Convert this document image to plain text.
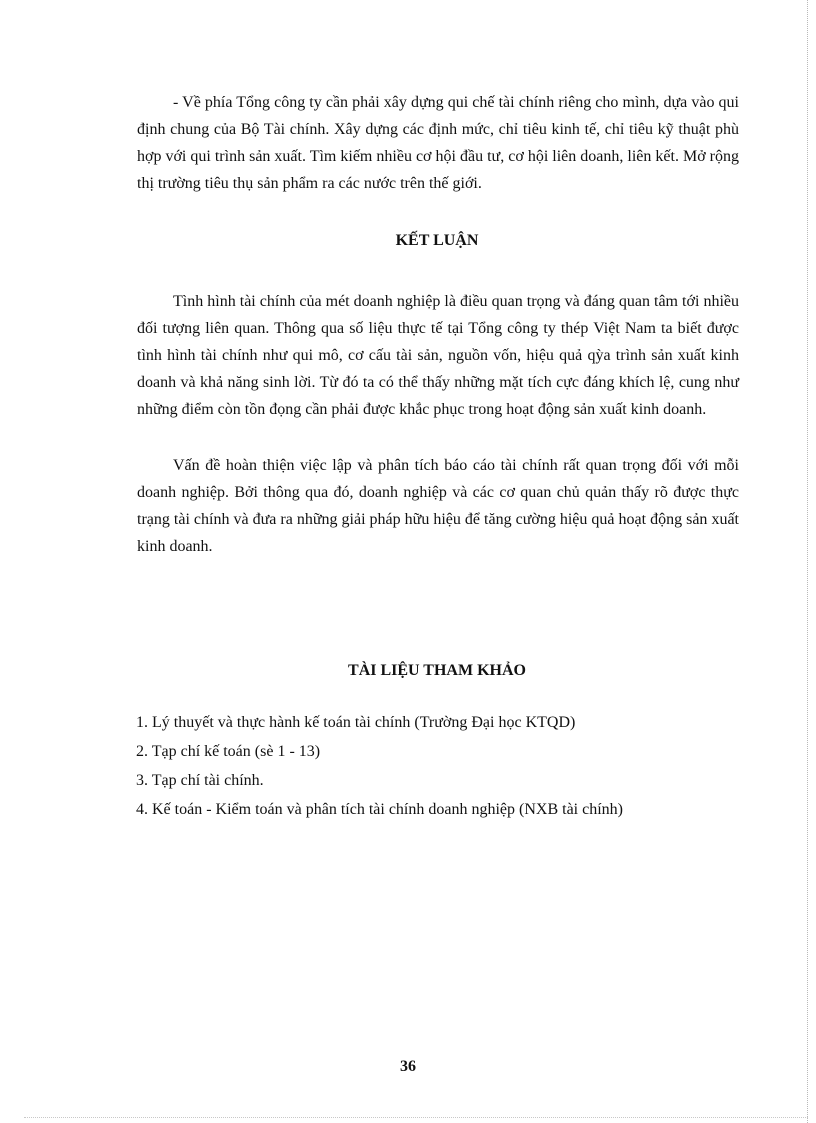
- Về phía Tổng công ty cần phải xây dựng qui chế tài chính riêng cho mình, dựa vào qui định chung của Bộ Tài chính. Xây dựng các định mức, chỉ tiêu kinh tế, chỉ tiêu kỹ thuật phù hợp với qui trình sản xuất. Tìm kiếm nhiều cơ hội đầu tư, cơ hội liên doanh, liên kết. Mở rộng thị trường tiêu thụ sản phẩm ra các nước trên thế giới.

KẾT LUẬN

Tình hình tài chính của mét doanh nghiệp là điều quan trọng và đáng quan tâm tới nhiều đối tượng liên quan. Thông qua số liệu thực tế tại Tổng công ty thép Việt Nam ta biết được tình hình tài chính như qui mô, cơ cấu tài sản, nguồn vốn, hiệu quả qỳa trình sản xuất kinh doanh và khả năng sinh lời. Từ đó ta có thể thấy những mặt tích cực đáng khích lệ, cung như những điểm còn tồn đọng cần phải được khắc phục trong hoạt động sản xuất kinh doanh.

Vấn đề hoàn thiện việc lập và phân tích báo cáo tài chính rất quan trọng đối với mỗi doanh nghiệp. Bởi thông qua đó, doanh nghiệp và các cơ quan chủ quản thấy rõ được thực trạng tài chính và đưa ra những giải pháp hữu hiệu để tăng cường hiệu quả hoạt động sản xuất kinh doanh.

TÀI LIỆU THAM KHẢO
1. Lý thuyết và thực hành kế toán tài chính (Trường Đại học KTQD)
2. Tạp chí kế toán (sè 1 - 13)
3. Tạp chí tài chính.
4. Kế toán - Kiểm toán và phân tích tài chính doanh nghiệp (NXB tài chính)
36
